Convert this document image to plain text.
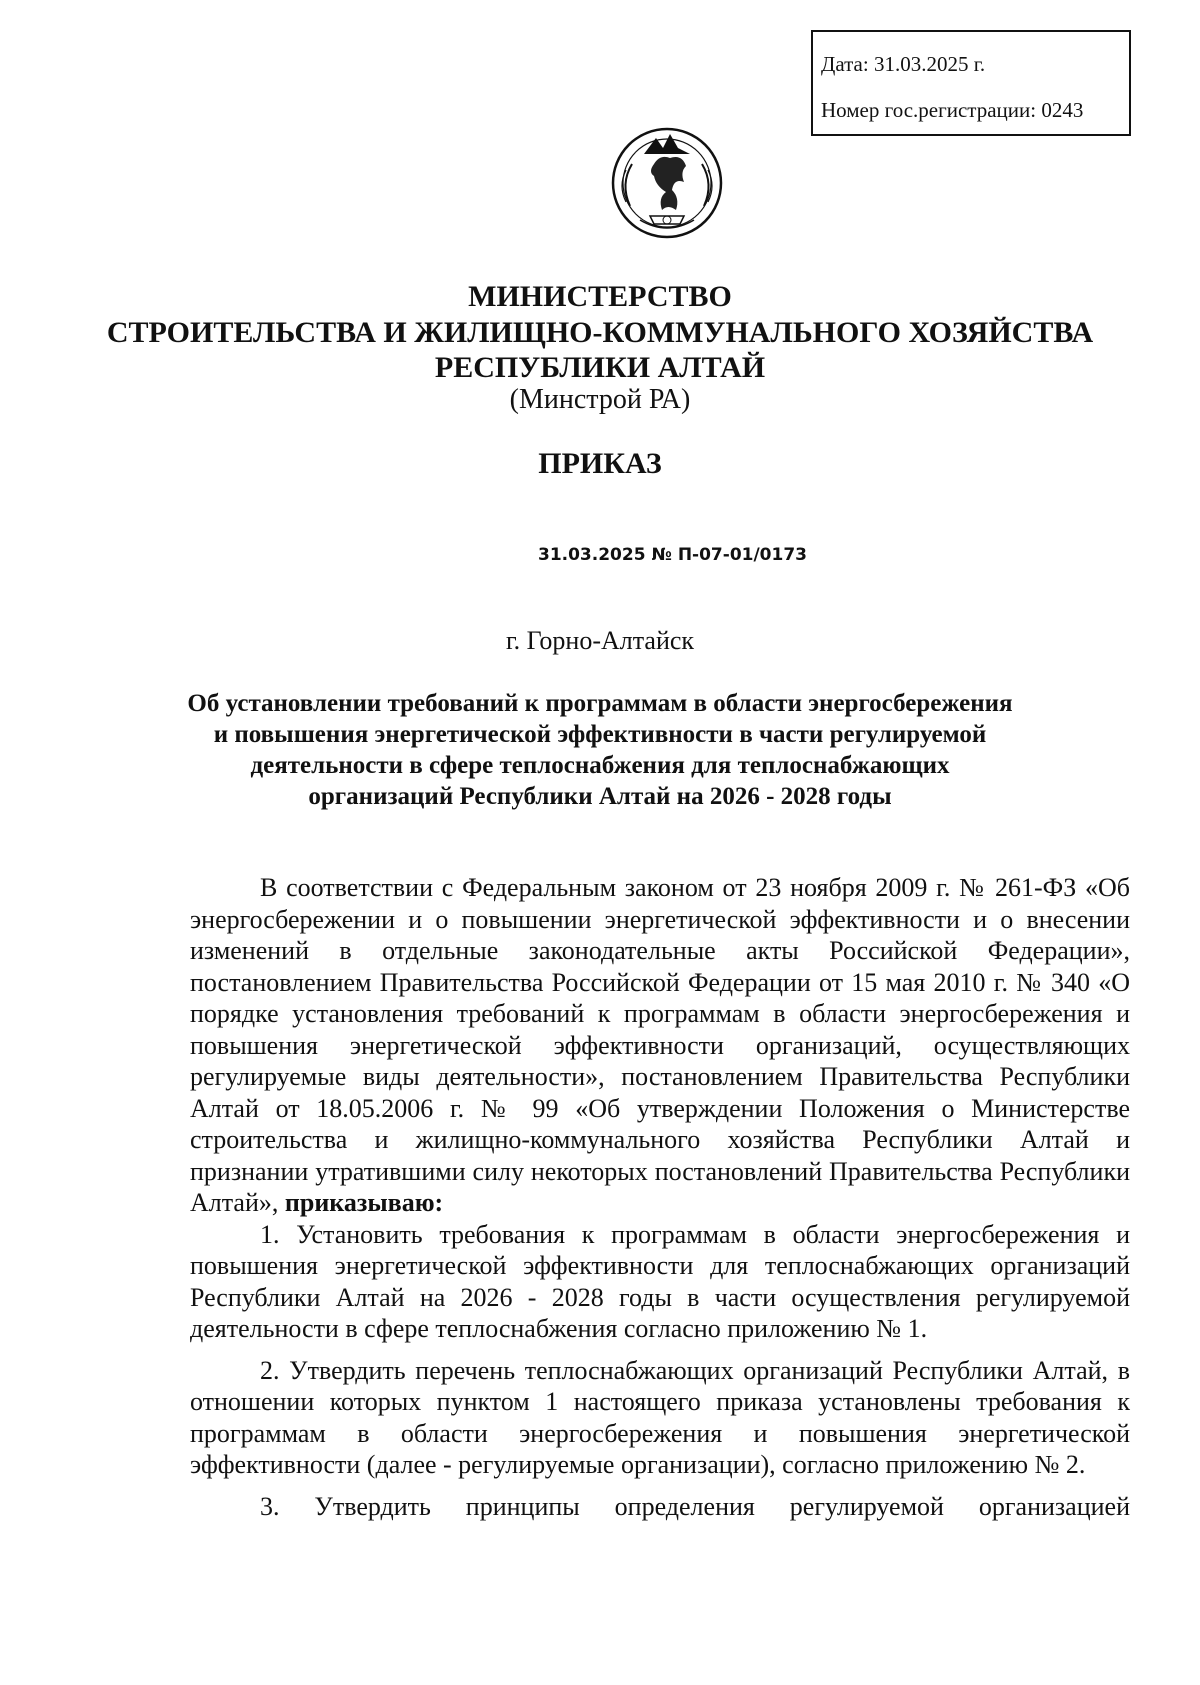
Дата: 31.03.2025 г.
Номер гос.регистрации: 0243
МИНИСТЕРСТВО
СТРОИТЕЛЬСТВА И ЖИЛИЩНО-КОММУНАЛЬНОГО ХОЗЯЙСТВА
РЕСПУБЛИКИ АЛТАЙ
(Минстрой РА)
ПРИКАЗ
31.03.2025 № П-07-01/0173
г. Горно-Алтайск
Об установлении требований к программам в области энергосбережения
и повышения энергетической эффективности в части регулируемой
деятельности в сфере теплоснабжения для теплоснабжающих
организаций Республики Алтай на 2026 - 2028 годы

В соответствии с Федеральным законом от 23 ноября 2009 г. № 261-ФЗ «Об энергосбережении и о повышении энергетической эффективности и о внесении изменений в отдельные законодательные акты Российской Федерации», постановлением Правительства Российской Федерации от 15 мая 2010 г. № 340 «О порядке установления требований к программам в области энергосбережения и повышения энергетической эффективности организаций, осуществляющих регулируемые виды деятельности», постановлением Правительства Республики Алтай от 18.05.2006 г. № 99 «Об утверждении Положения о Министерстве строительства и жилищно-коммунального хозяйства Республики Алтай и признании утратившими силу некоторых постановлений Правительства Республики Алтай», приказываю:

1. Установить требования к программам в области энергосбережения и повышения энергетической эффективности для теплоснабжающих организаций Республики Алтай на 2026 - 2028 годы в части осуществления регулируемой деятельности в сфере теплоснабжения согласно приложению № 1.

2. Утвердить перечень теплоснабжающих организаций Республики Алтай, в отношении которых пунктом 1 настоящего приказа установлены требования к программам в области энергосбережения и повышения энергетической эффективности (далее - регулируемые организации), согласно приложению № 2.

3. Утвердить принципы определения регулируемой организацией
